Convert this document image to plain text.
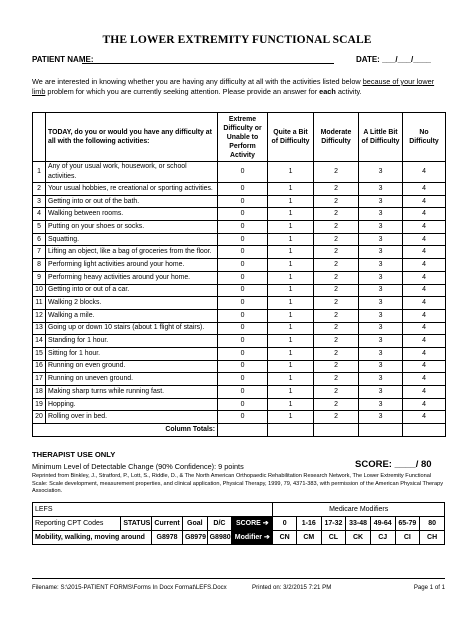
THE LOWER EXTREMITY FUNCTIONAL SCALE
PATIENT NAME:	DATE: ___/___/____
We are interested in knowing whether you are having any difficulty at all with the activities listed below because of your lower limb problem for which you are currently seeking attention. Please provide an answer for each activity.
	TODAY, do you or would you have any difficulty at all with the following activities:	Extreme Difficulty or Unable to Perform Activity	Quite a Bit of Difficulty	Moderate Difficulty	A Little Bit of Difficulty	No Difficulty
1	Any of your usual work, housework, or school activities.	0	1	2	3	4
2	Your usual hobbies, re creational or sporting activities.	0	1	2	3	4
3	Getting into or out of the bath.	0	1	2	3	4
4	Walking between rooms.	0	1	2	3	4
5	Putting on your shoes or socks.	0	1	2	3	4
6	Squatting.	0	1	2	3	4
7	Lifting an object, like a bag of groceries from the floor.	0	1	2	3	4
8	Performing light activities around your home.	0	1	2	3	4
9	Performing heavy activities around your home.	0	1	2	3	4
10	Getting into or out of a car.	0	1	2	3	4
11	Walking 2 blocks.	0	1	2	3	4
12	Walking a mile.	0	1	2	3	4
13	Going up or down 10 stairs (about 1 flight of stairs).	0	1	2	3	4
14	Standing for 1 hour.	0	1	2	3	4
15	Sitting for 1 hour.	0	1	2	3	4
16	Running on even ground.	0	1	2	3	4
17	Running on uneven ground.	0	1	2	3	4
18	Making sharp turns while running fast.	0	1	2	3	4
19	Hopping.	0	1	2	3	4
20	Rolling over in bed.	0	1	2	3	4
Column Totals:						
THERAPIST USE ONLY
Minimum Level of Detectable Change (90% Confidence): 9 points	SCORE: ____/ 80
Reprinted from Binkley, J., Stratford, P., Lott, S., Riddle, D., & The North American Orthopaedic Rehabilitation Research Network, The Lower Extremity Functional Scale: Scale development, measurement properties, and clinical application, Physical Therapy, 1999, 79, 4371-383, with permission of the American Physical Therapy Association.
LEFS						Medicare Modifiers						
Reporting CPT Codes	STATUS	Current	Goal	D/C	SCORE ➔	0	1-16	17-32	33-48	49-64	65-79	80
Mobility, walking, moving around		G8978	G8979	G8980	Modifier ➔	CN	CM	CL	CK	CJ	CI	CH
Filename: S:\2015-PATIENT FORMS\Forms In Docx Format\LEFS.Docx	Printed on: 3/2/2015 7:21 PM	Page 1 of 1
